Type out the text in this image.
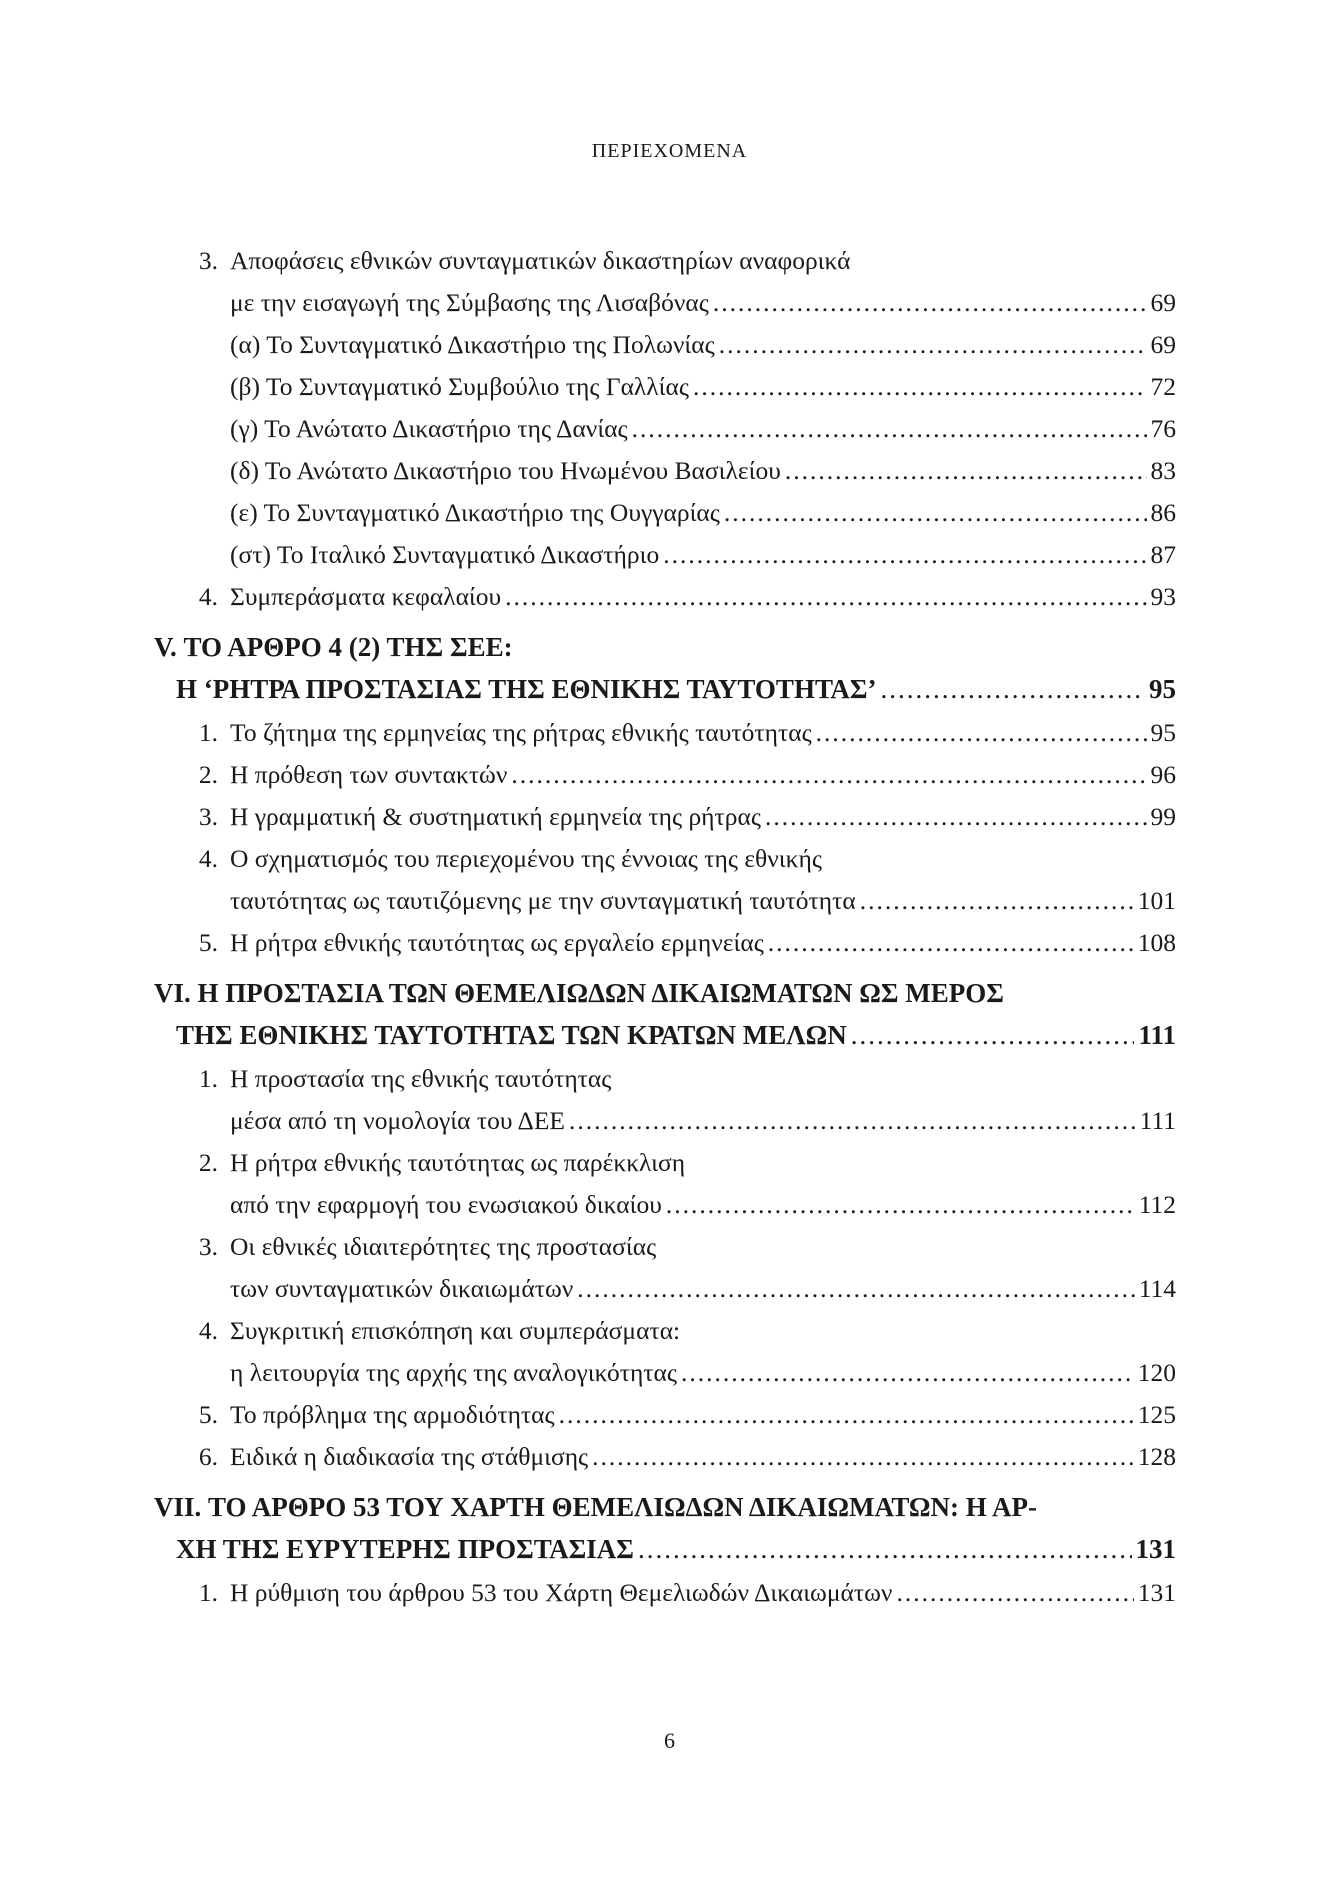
ΠΕΡΙΕΧΟΜΕΝΑ
3. Αποφάσεις εθνικών συνταγματικών δικαστηρίων αναφορικά
με την εισαγωγή της Σύμβασης της Λισαβόνας .....	69
(α) Το Συνταγματικό Δικαστήριο της Πολωνίας .....	69
(β) Το Συνταγματικό Συμβούλιο της Γαλλίας .....	72
(γ) Το Ανώτατο Δικαστήριο της Δανίας .....	76
(δ) Το Ανώτατο Δικαστήριο του Ηνωμένου Βασιλείου .....	83
(ε) Το Συνταγματικό Δικαστήριο της Ουγγαρίας .....	86
(στ) Το Ιταλικό Συνταγματικό Δικαστήριο .....	87
4. Συμπεράσματα κεφαλαίου .....	93
V. ΤΟ ΑΡΘΡΟ 4 (2) ΤΗΣ ΣΕΕ:
Η ‘ΡΗΤΡΑ ΠΡΟΣΤΑΣΙΑΣ ΤΗΣ ΕΘΝΙΚΗΣ ΤΑΥΤΟΤΗΤΑΣ’ .....	95
1. Το ζήτημα της ερμηνείας της ρήτρας εθνικής ταυτότητας .....	95
2. Η πρόθεση των συντακτών .....	96
3. Η γραμματική & συστηματική ερμηνεία της ρήτρας .....	99
4. Ο σχηματισμός του περιεχομένου της έννοιας της εθνικής
ταυτότητας ως ταυτιζόμενης με την συνταγματική ταυτότητα .....	101
5. Η ρήτρα εθνικής ταυτότητας ως εργαλείο ερμηνείας .....	108
VI. Η ΠΡΟΣΤΑΣΙΑ ΤΩΝ ΘΕΜΕΛΙΩΔΩΝ ΔΙΚΑΙΩΜΑΤΩΝ ΩΣ ΜΕΡΟΣ
ΤΗΣ ΕΘΝΙΚΗΣ ΤΑΥΤΟΤΗΤΑΣ ΤΩΝ ΚΡΑΤΩΝ ΜΕΛΩΝ .....	111
1. Η προστασία της εθνικής ταυτότητας
μέσα από τη νομολογία του ΔΕΕ .....	111
2. Η ρήτρα εθνικής ταυτότητας ως παρέκκλιση
από την εφαρμογή του ενωσιακού δικαίου .....	112
3. Οι εθνικές ιδιαιτερότητες της προστασίας
των συνταγματικών δικαιωμάτων .....	114
4. Συγκριτική επισκόπηση και συμπεράσματα:
η λειτουργία της αρχής της αναλογικότητας .....	120
5. Το πρόβλημα της αρμοδιότητας .....	125
6. Ειδικά η διαδικασία της στάθμισης .....	128
VII. ΤΟ ΑΡΘΡΟ 53 ΤΟΥ ΧΑΡΤΗ ΘΕΜΕΛΙΩΔΩΝ ΔΙΚΑΙΩΜΑΤΩΝ: Η ΑΡ-
ΧΗ ΤΗΣ ΕΥΡΥΤΕΡΗΣ ΠΡΟΣΤΑΣΙΑΣ .....	131
1. Η ρύθμιση του άρθρου 53 του Χάρτη Θεμελιωδών Δικαιωμάτων .....	131
6
